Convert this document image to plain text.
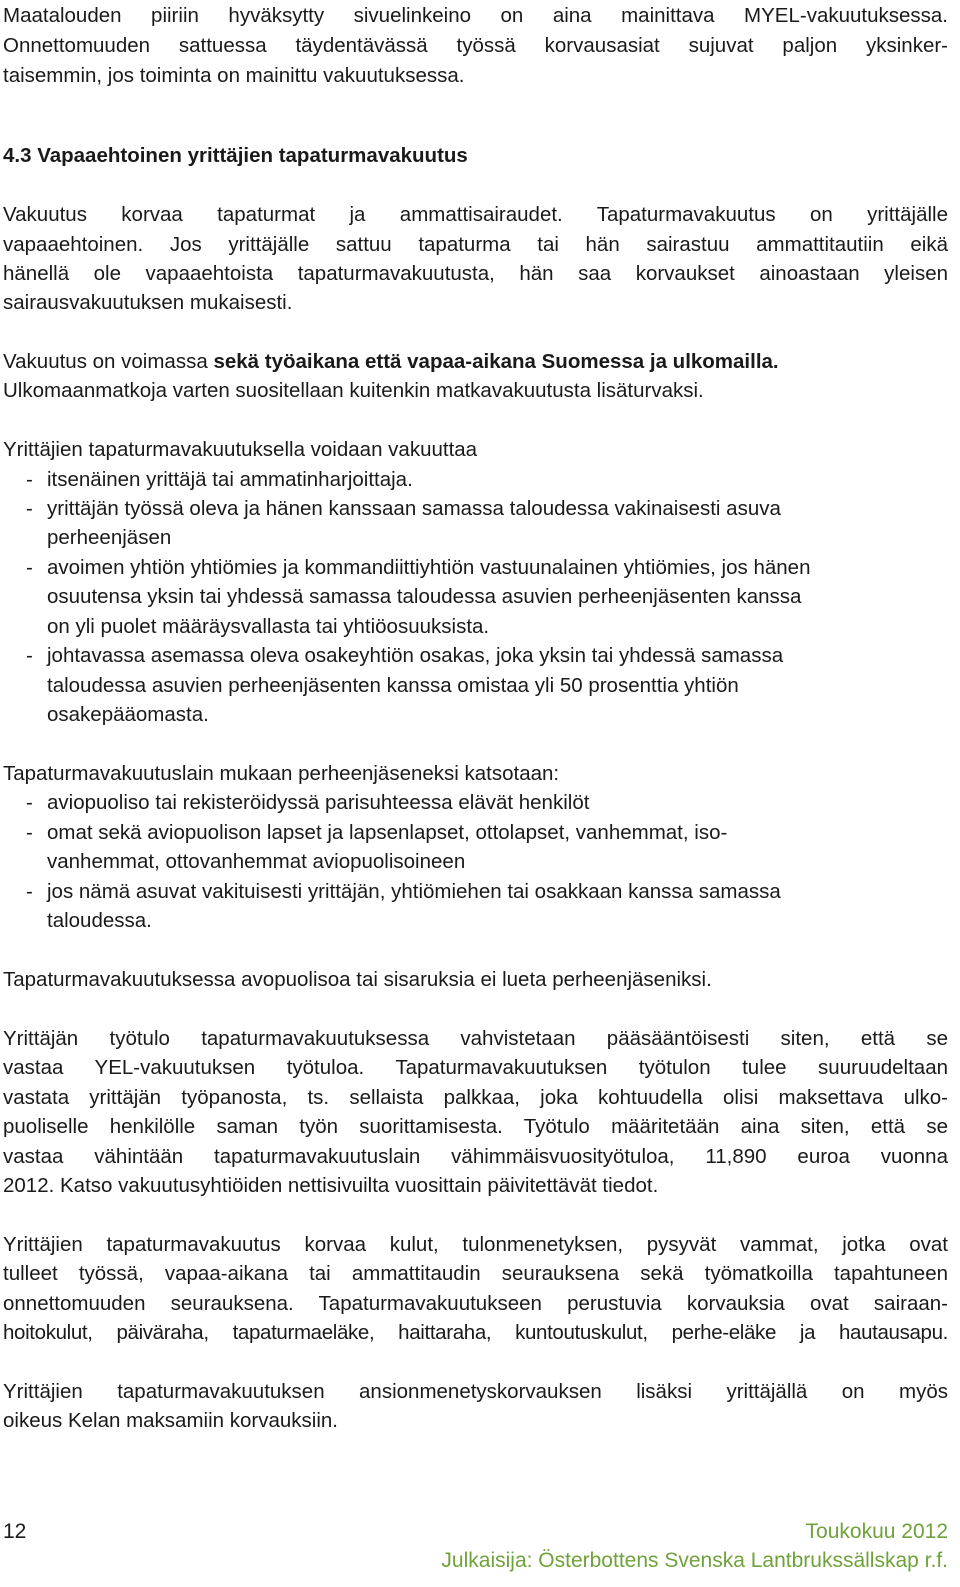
Maatalouden piiriin hyväksytty sivuelinkeino on aina mainittava MYEL-vakuutuksessa.
Onnettomuuden sattuessa täydentävässä työssä korvausasiat sujuvat paljon yksinker-
taisemmin, jos toiminta on mainittu vakuutuksessa.
4.3 Vapaaehtoinen yrittäjien tapaturmavakuutus
Vakuutus korvaa tapaturmat ja ammattisairaudet. Tapaturmavakuutus on yrittäjälle
vapaaehtoinen. Jos yrittäjälle sattuu tapaturma tai hän sairastuu ammattitautiin eikä
hänellä ole vapaaehtoista tapaturmavakuutusta, hän saa korvaukset ainoastaan yleisen
sairausvakuutuksen mukaisesti.
Vakuutus on voimassa sekä työaikana että vapaa-aikana Suomessa ja ulkomailla.
Ulkomaanmatkoja varten suositellaan kuitenkin matkavakuutusta lisäturvaksi.
Yrittäjien tapaturmavakuutuksella voidaan vakuuttaa
- itsenäinen yrittäjä tai ammatinharjoittaja.
- yrittäjän työssä oleva ja hänen kanssaan samassa taloudessa vakinaisesti asuva
perheenjäsen
- avoimen yhtiön yhtiömies ja kommandiittiyhtiön vastuunalainen yhtiömies, jos hänen
osuutensa yksin tai yhdessä samassa taloudessa asuvien perheenjäsenten kanssa
on yli puolet määräysvallasta tai yhtiöosuuksista.
- johtavassa asemassa oleva osakeyhtiön osakas, joka yksin tai yhdessä samassa
taloudessa asuvien perheenjäsenten kanssa omistaa yli 50 prosenttia yhtiön
osakepääomasta.
Tapaturmavakuutuslain mukaan perheenjäseneksi katsotaan:
- aviopuoliso tai rekisteröidyssä parisuhteessa elävät henkilöt
- omat sekä aviopuolison lapset ja lapsenlapset, ottolapset, vanhemmat, iso-
vanhemmat, ottovanhemmat aviopuolisoineen
- jos nämä asuvat vakituisesti yrittäjän, yhtiömiehen tai osakkaan kanssa samassa
taloudessa.
Tapaturmavakuutuksessa avopuolisoa tai sisaruksia ei lueta perheenjäseniksi.
Yrittäjän työtulo tapaturmavakuutuksessa vahvistetaan pääsääntöisesti siten, että se
vastaa YEL-vakuutuksen työtuloa. Tapaturmavakuutuksen työtulon tulee suuruudeltaan
vastata yrittäjän työpanosta, ts. sellaista palkkaa, joka kohtuudella olisi maksettava ulko-
puoliselle henkilölle saman työn suorittamisesta. Työtulo määritetään aina siten, että se
vastaa vähintään tapaturmavakuutuslain vähimmäisvuosityötuloa, 11,890 euroa vuonna
2012. Katso vakuutusyhtiöiden nettisivuilta vuosittain päivitettävät tiedot.
Yrittäjien tapaturmavakuutus korvaa kulut, tulonmenetyksen, pysyvät vammat, jotka ovat
tulleet työssä, vapaa-aikana tai ammattitaudin seurauksena sekä työmatkoilla tapahtuneen
onnettomuuden seurauksena. Tapaturmavakuutukseen perustuvia korvauksia ovat sairaan-
hoitokulut, päiväraha, tapaturmaeläke, haittaraha, kuntoutuskulut, perhe-eläke ja hautausapu.
Yrittäjien tapaturmavakuutuksen ansionmenetyskorvauksen lisäksi yrittäjällä on myös
oikeus Kelan maksamiin korvauksiin.
12	Toukokuu 2012
Julkaisija: Österbottens Svenska Lantbrukssällskap r.f.
